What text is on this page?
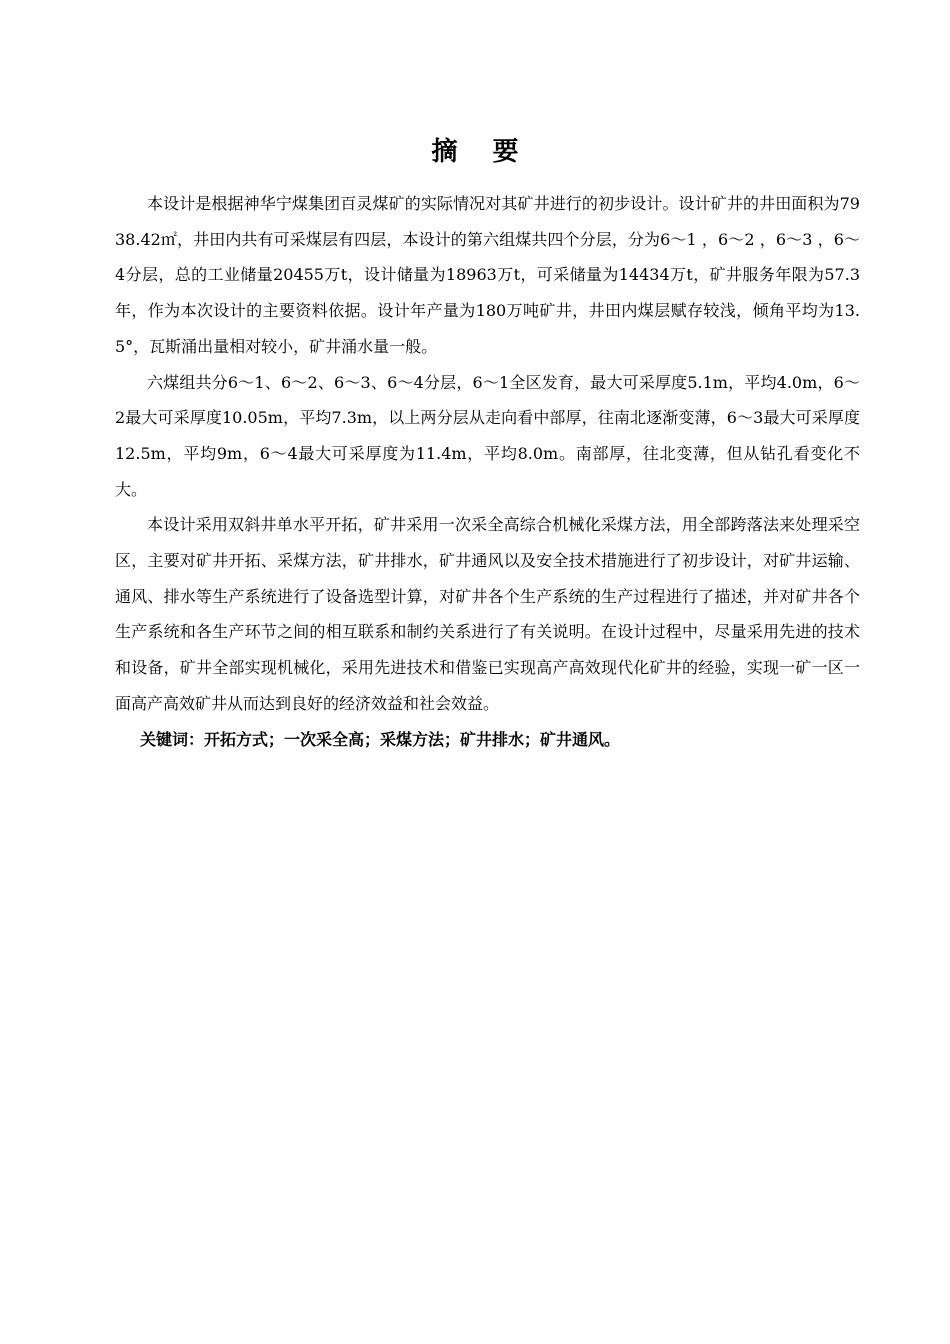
摘 要

本设计是根据神华宁煤集团百灵煤矿的实际情况对其矿井进行的初步设计。设计矿井的井田面积为7938.42㎡，井田内共有可采煤层有四层，本设计的第六组煤共四个分层，分为6～1 ，6～2 ，6～3 ，6～4分层，总的工业储量20455万t，设计储量为18963万t，可采储量为14434万t，矿井服务年限为57.3年，作为本次设计的主要资料依据。设计年产量为180万吨矿井，井田内煤层赋存较浅，倾角平均为13.5°，瓦斯涌出量相对较小，矿井涌水量一般。

六煤组共分6～1、6～2、6～3、6～4分层，6～1全区发育，最大可采厚度5.1m，平均4.0m，6～2最大可采厚度10.05m，平均7.3m，以上两分层从走向看中部厚，往南北逐渐变薄，6～3最大可采厚度12.5m，平均9m，6～4最大可采厚度为11.4m，平均8.0m。南部厚，往北变薄，但从钻孔看变化不大。

本设计采用双斜井单水平开拓，矿井采用一次采全高综合机械化采煤方法，用全部跨落法来处理采空区，主要对矿井开拓、采煤方法，矿井排水，矿井通风以及安全技术措施进行了初步设计，对矿井运输、通风、排水等生产系统进行了设备选型计算，对矿井各个生产系统的生产过程进行了描述，并对矿井各个生产系统和各生产环节之间的相互联系和制约关系进行了有关说明。在设计过程中，尽量采用先进的技术和设备，矿井全部实现机械化，采用先进技术和借鉴已实现高产高效现代化矿井的经验，实现一矿一区一面高产高效矿井从而达到良好的经济效益和社会效益。

关键词：开拓方式；一次采全高；采煤方法；矿井排水；矿井通风。
